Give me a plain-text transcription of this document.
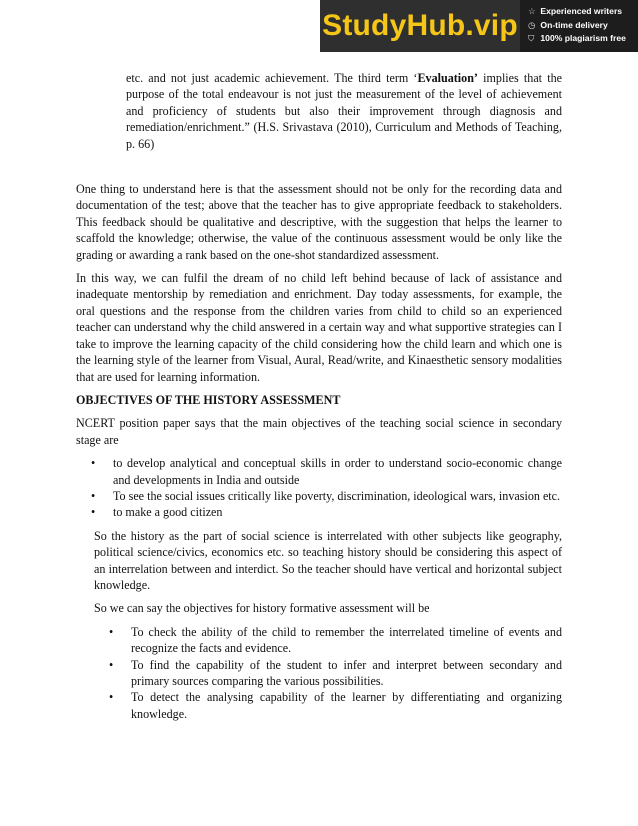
StudyHub.vip ☆ Experienced writers
◷ On-time delivery
⛉ 100% plagiarism free

etc. and not just academic achievement. The third term ‘Evaluation’ implies that the purpose of the total endeavour is not just the measurement of the level of achievement and proficiency of students but also their improvement through diagnosis and remediation/enrichment.” (H.S. Srivastava (2010), Curriculum and Methods of Teaching, p. 66)

One thing to understand here is that the assessment should not be only for the recording data and documentation of the test; above that the teacher has to give appropriate feedback to stakeholders. This feedback should be qualitative and descriptive, with the suggestion that helps the learner to scaffold the knowledge; otherwise, the value of the continuous assessment would be only like the grading or awarding a rank based on the one-shot standardized assessment.

In this way, we can fulfil the dream of no child left behind because of lack of assistance and inadequate mentorship by remediation and enrichment. Day today assessments, for example, the oral questions and the response from the children varies from child to child so an experienced teacher can understand why the child answered in a certain way and what supportive strategies can I take to improve the learning capacity of the child considering how the child learn and which one is the learning style of the learner from Visual, Aural, Read/write, and Kinaesthetic sensory modalities that are used for learning information.

OBJECTIVES OF THE HISTORY ASSESSMENT

NCERT position paper says that the main objectives of the teaching social science in secondary stage are

• to develop analytical and conceptual skills in order to understand socio-economic change and developments in India and outside
• To see the social issues critically like poverty, discrimination, ideological wars, invasion etc.
• to make a good citizen

So the history as the part of social science is interrelated with other subjects like geography, political science/civics, economics etc. so teaching history should be considering this aspect of an interrelation between and interdict. So the teacher should have vertical and horizontal subject knowledge.

So we can say the objectives for history formative assessment will be

• To check the ability of the child to remember the interrelated timeline of events and recognize the facts and evidence.
• To find the capability of the student to infer and interpret between secondary and primary sources comparing the various possibilities.
• To detect the analysing capability of the learner by differentiating and organizing knowledge.
